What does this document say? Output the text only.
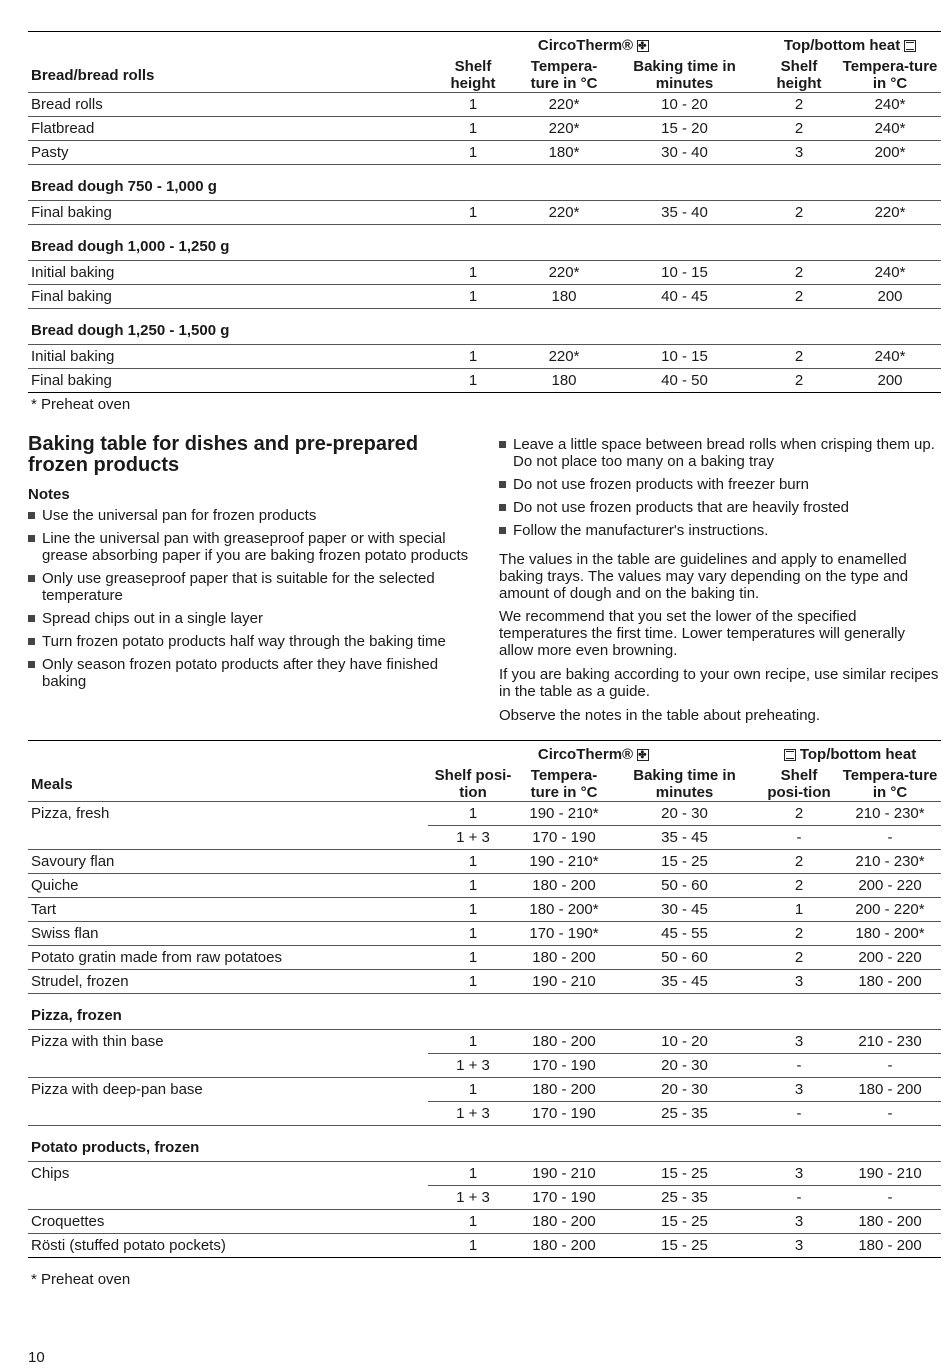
	CircoTherm®✤			Top/bottom heat	
Bread/bread rolls	Shelf height	Tempera-ture in °C	Baking time in minutes	Shelf height	Tempera-ture in °C
Bread rolls	1	220*	10 - 20	2	240*
Flatbread	1	220*	15 - 20	2	240*
Pasty	1	180*	30 - 40	3	200*
Bread dough 750 - 1,000 g					
Final baking	1	220*	35 - 40	2	220*
Bread dough 1,000 - 1,250 g					
Initial baking	1	220*	10 - 15	2	240*
Final baking	1	180	40 - 45	2	200
Bread dough 1,250 - 1,500 g					
Initial baking	1	220*	10 - 15	2	240*
Final baking	1	180	40 - 50	2	200
* Preheat oven
Baking table for dishes and pre-prepared frozen products
Notes
Use the universal pan for frozen products
Line the universal pan with greaseproof paper or with special grease absorbing paper if you are baking frozen potato products
Only use greaseproof paper that is suitable for the selected temperature
Spread chips out in a single layer
Turn frozen potato products half way through the baking time
Only season frozen potato products after they have finished baking
Leave a little space between bread rolls when crisping them up. Do not place too many on a baking tray
Do not use frozen products with freezer burn
Do not use frozen products that are heavily frosted
Follow the manufacturer's instructions.

The values in the table are guidelines and apply to enamelled baking trays. The values may vary depending on the type and amount of dough and on the baking tin.

We recommend that you set the lower of the specified temperatures the first time. Lower temperatures will generally allow more even browning.

If you are baking according to your own recipe, use similar recipes in the table as a guide.

Observe the notes in the table about preheating.

	CircoTherm®✤			Top/bottom heat	
Meals	Shelf posi-tion	Tempera-ture in °C	Baking time in minutes	Shelf posi-tion	Tempera-ture in °C
Pizza, fresh	1	190 - 210*	20 - 30	2	210 - 230*
	1 + 3	170 - 190	35 - 45	-	-
Savoury flan	1	190 - 210*	15 - 25	2	210 - 230*
Quiche	1	180 - 200	50 - 60	2	200 - 220
Tart	1	180 - 200*	30 - 45	1	200 - 220*
Swiss flan	1	170 - 190*	45 - 55	2	180 - 200*
Potato gratin made from raw potatoes	1	180 - 200	50 - 60	2	200 - 220
Strudel, frozen	1	190 - 210	35 - 45	3	180 - 200
Pizza, frozen					
Pizza with thin base	1	180 - 200	10 - 20	3	210 - 230
	1 + 3	170 - 190	20 - 30	-	-
Pizza with deep-pan base	1	180 - 200	20 - 30	3	180 - 200
	1 + 3	170 - 190	25 - 35	-	-
Potato products, frozen					
Chips	1	190 - 210	15 - 25	3	190 - 210
	1 + 3	170 - 190	25 - 35	-	-
Croquettes	1	180 - 200	15 - 25	3	180 - 200
Rösti (stuffed potato pockets)	1	180 - 200	15 - 25	3	180 - 200
* Preheat oven
10
